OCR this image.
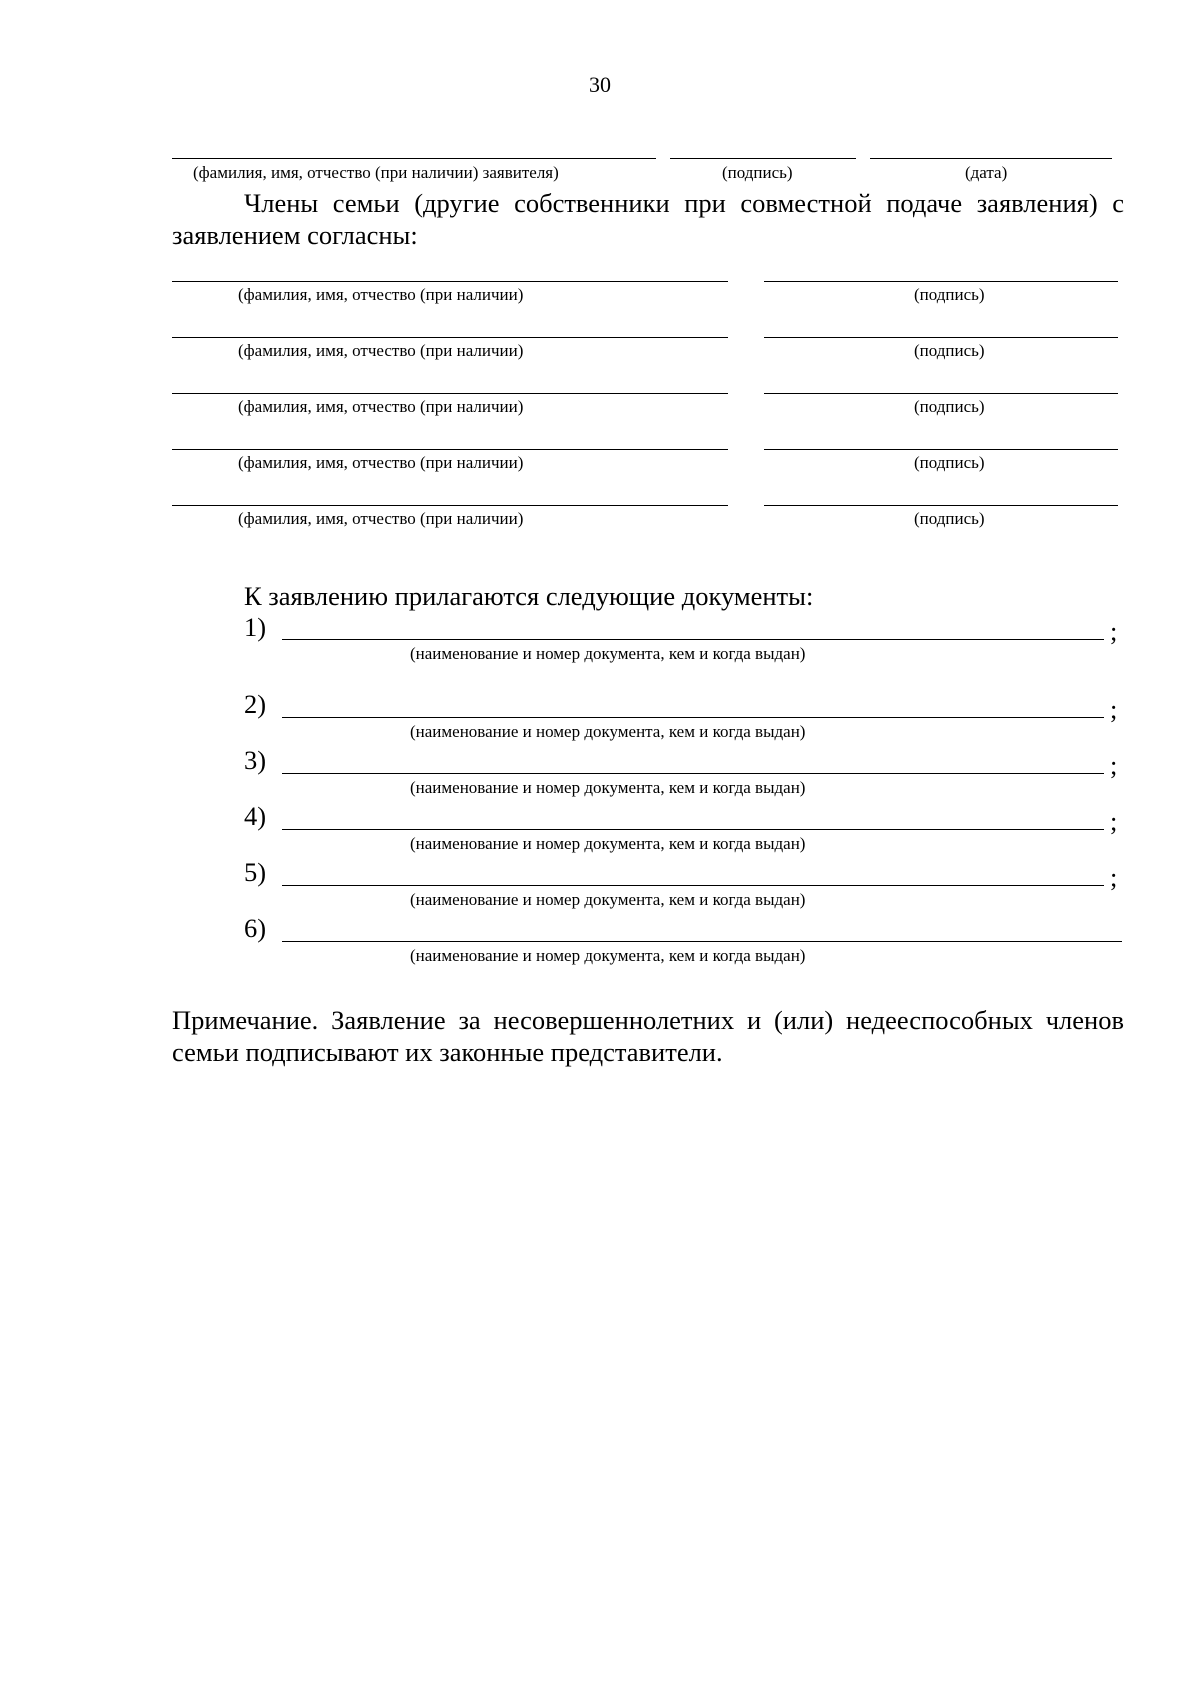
30
(фамилия, имя, отчество (при наличии) заявителя)	(подпись)	(дата)
Члены семьи (другие собственники при совместной подаче заявления) с заявлением согласны:
(фамилия, имя, отчество (при наличии)	(подпись)
(фамилия, имя, отчество (при наличии)	(подпись)
(фамилия, имя, отчество (при наличии)	(подпись)
(фамилия, имя, отчество (при наличии)	(подпись)
(фамилия, имя, отчество (при наличии)	(подпись)
К заявлению прилагаются следующие документы:
1)	;
(наименование и номер документа, кем и когда выдан)
2)	;
(наименование и номер документа, кем и когда выдан)
3)	;
(наименование и номер документа, кем и когда выдан)
4)	;
(наименование и номер документа, кем и когда выдан)
5)	;
(наименование и номер документа, кем и когда выдан)
6)
(наименование и номер документа, кем и когда выдан)
Примечание. Заявление за несовершеннолетних и (или) недееспособных членов семьи подписывают их законные представители.
